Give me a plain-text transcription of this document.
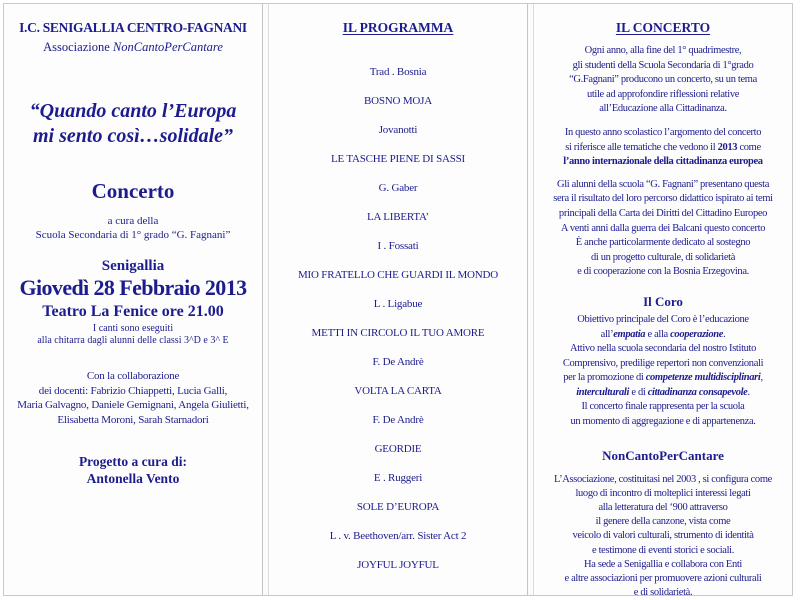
I.C. SENIGALLIA CENTRO-FAGNANI
Associazione NonCantoPerCantare
“Quando canto l’Europa
mi sento così…solidale”
Concerto
a cura della
Scuola Secondaria di 1° grado “G. Fagnani”
Senigallia
Giovedì 28 Febbraio 2013
Teatro La Fenice ore 21.00
I canti sono eseguiti
alla chitarra dagli alunni delle classi 3^D e 3^ E
Con la collaborazione
dei docenti: Fabrizio Chiappetti, Lucia Galli,
Maria Galvagno, Daniele Gemignani, Angela Giulietti,
Elisabetta Moroni, Sarah Starnadori
Progetto a cura di:
Antonella Vento
IL PROGRAMMA
Trad . Bosnia
BOSNO MOJA
Jovanotti
LE TASCHE PIENE DI SASSI
G. Gaber
LA LIBERTA’
I . Fossati
MIO FRATELLO CHE GUARDI IL MONDO
L . Ligabue
METTI IN CIRCOLO IL TUO AMORE
F. De Andrè
VOLTA LA CARTA
F. De Andrè
GEORDIE
E . Ruggeri
SOLE D’EUROPA
L . v. Beethoven/arr. Sister Act 2
JOYFUL JOYFUL
IL CONCERTO
Ogni anno, alla fine del 1° quadrimestre,
gli studenti della Scuola Secondaria di 1°grado
“G.Fagnani” producono un concerto, su un tema
utile ad approfondire riflessioni relative
all’Educazione alla Cittadinanza.
In questo anno scolastico l’argomento del concerto
si riferisce alle tematiche che vedono il 2013 come
l’anno internazionale della cittadinanza europea
Gli alunni della scuola “G. Fagnani” presentano questa
sera il risultato del loro percorso didattico ispirato ai temi
principali della Carta dei Diritti del Cittadino Europeo
A venti anni dalla guerra dei Balcani questo concerto
È anche particolarmente dedicato al sostegno
di un progetto culturale, di solidarietà
e di cooperazione con la Bosnia Erzegovina.
Il Coro
Obiettivo principale del Coro è l’educazione
all’empatia e alla cooperazione.
Attivo nella scuola secondaria del nostro Istituto
Comprensivo, predilige repertori non convenzionali
per la promozione di competenze multidisciplinari,
interculturali e di cittadinanza consapevole.
Il concerto finale rappresenta per la scuola
un momento di aggregazione e di appartenenza.
NonCantoPerCantare
L’Associazione, costituitasi nel 2003 , si configura come
luogo di incontro di molteplici interessi legati
alla letteratura del ‘900 attraverso
il genere della canzone, vista come
veicolo di valori culturali, strumento di identità
e testimone di eventi storici e sociali.
Ha sede a Senigallia e collabora con Enti
e altre associazioni per promuovere azioni culturali
e di solidarietà.
